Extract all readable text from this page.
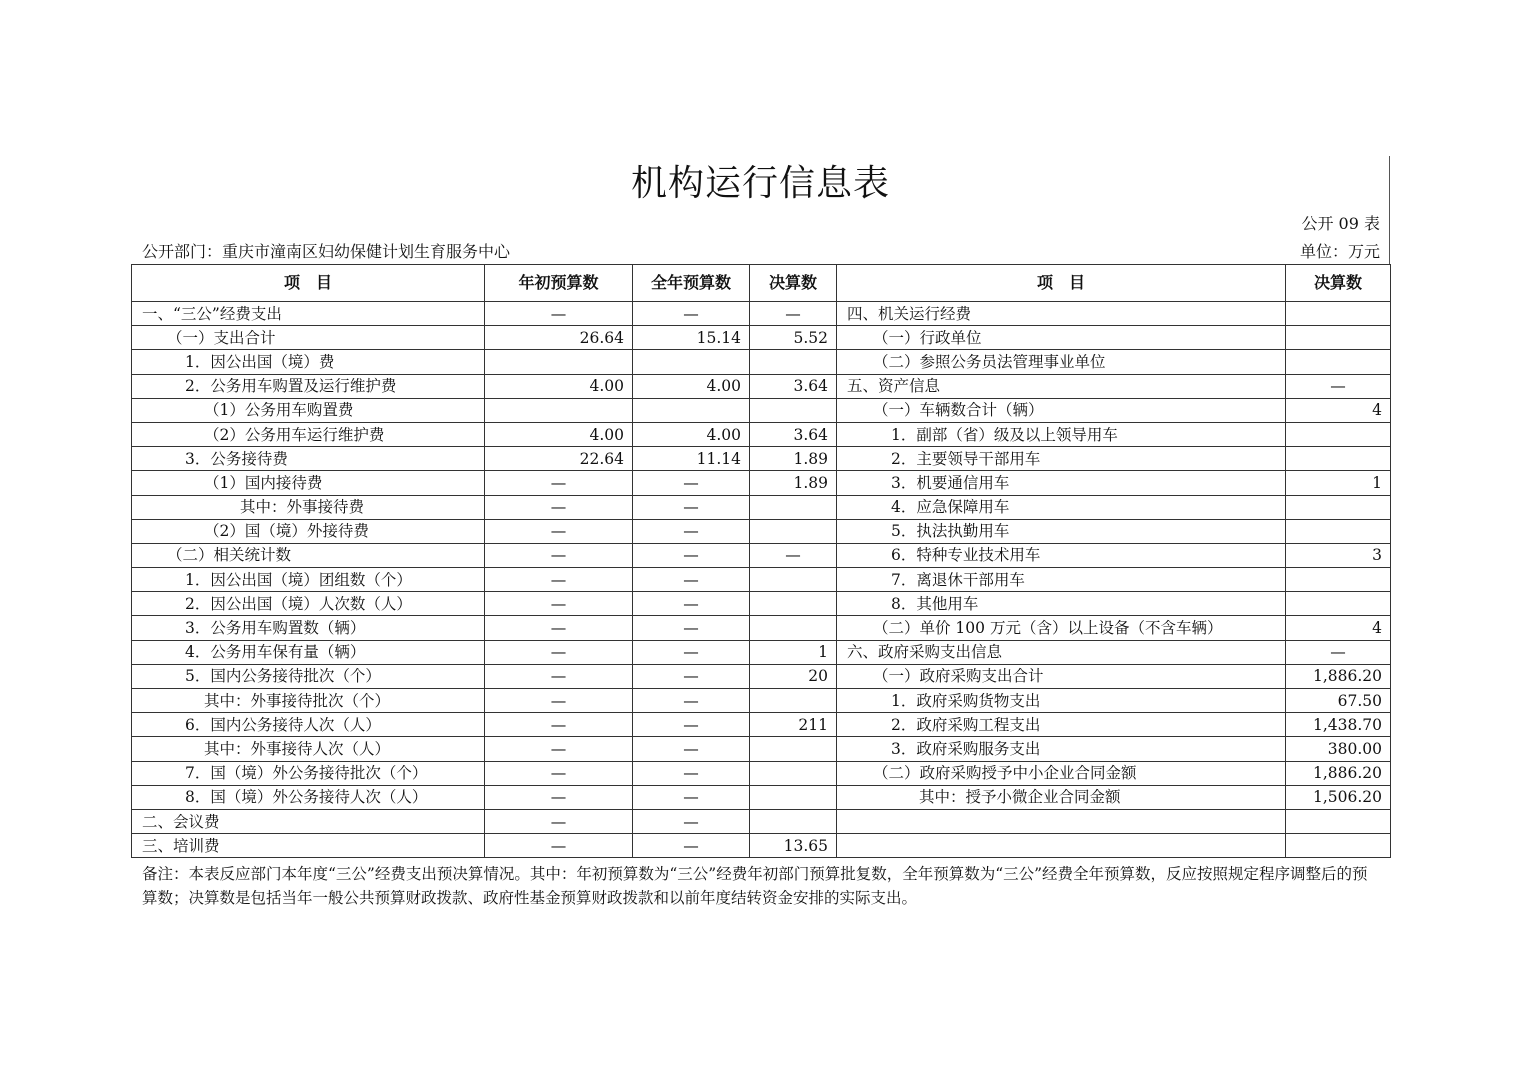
机构运行信息表
公开 09 表
公开部门：重庆市潼南区妇幼保健计划生育服务中心	单位：万元
项　目	年初预算数	全年预算数	决算数	项　目	决算数
一、“三公”经费支出	—	—	—	四、机关运行经费	
（一）支出合计	26.64	15.14	5.52	（一）行政单位	
1．因公出国（境）费				（二）参照公务员法管理事业单位	
2．公务用车购置及运行维护费	4.00	4.00	3.64	五、资产信息	—
（1）公务用车购置费				（一）车辆数合计（辆）	4
（2）公务用车运行维护费	4.00	4.00	3.64	1．副部（省）级及以上领导用车	
3．公务接待费	22.64	11.14	1.89	2．主要领导干部用车	
（1）国内接待费	—	—	1.89	3．机要通信用车	1
其中：外事接待费	—	—		4．应急保障用车	
（2）国（境）外接待费	—	—		5．执法执勤用车	
（二）相关统计数	—	—	—	6．特种专业技术用车	3
1．因公出国（境）团组数（个）	—	—		7．离退休干部用车	
2．因公出国（境）人次数（人）	—	—		8．其他用车	
3．公务用车购置数（辆）	—	—		（二）单价 100 万元（含）以上设备（不含车辆）	4
4．公务用车保有量（辆）	—	—	1	六、政府采购支出信息	—
5．国内公务接待批次（个）	—	—	20	（一）政府采购支出合计	1,886.20
其中：外事接待批次（个）	—	—		1．政府采购货物支出	67.50
6．国内公务接待人次（人）	—	—	211	2．政府采购工程支出	1,438.70
其中：外事接待人次（人）	—	—		3．政府采购服务支出	380.00
7．国（境）外公务接待批次（个）	—	—		（二）政府采购授予中小企业合同金额	1,886.20
8．国（境）外公务接待人次（人）	—	—		其中：授予小微企业合同金额	1,506.20
二、会议费	—	—			
三、培训费	—	—	13.65		
备注：本表反应部门本年度“三公”经费支出预决算情况。其中：年初预算数为“三公”经费年初部门预算批复数，全年预算数为“三公”经费全年预算数，反应按照规定程序调整后的预算数；决算数是包括当年一般公共预算财政拨款、政府性基金预算财政拨款和以前年度结转资金安排的实际支出。
